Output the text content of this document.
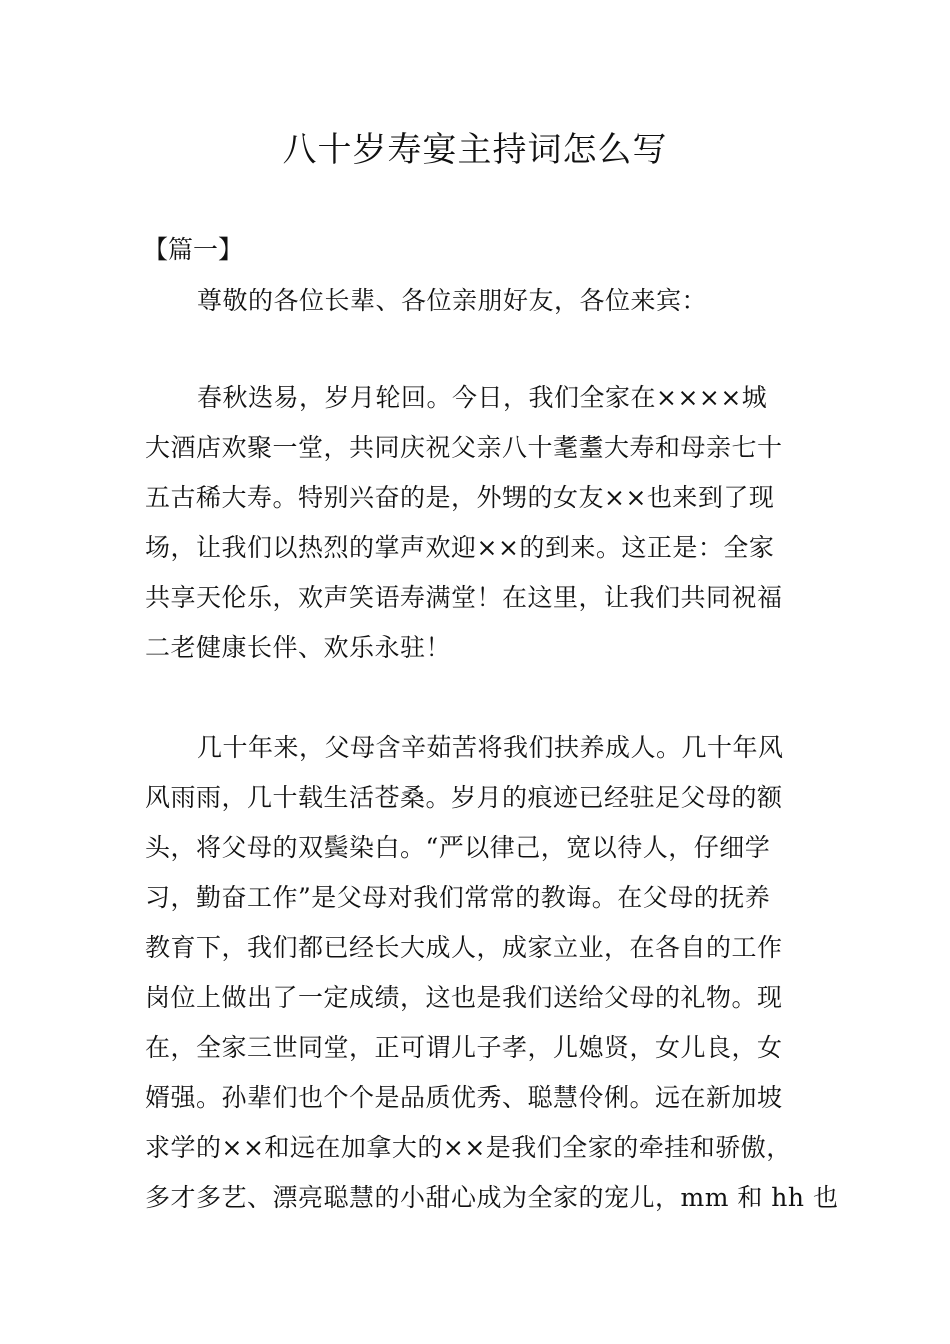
八十岁寿宴主持词怎么写

【篇一】

尊敬的各位长辈、各位亲朋好友，各位来宾：

春秋迭易，岁月轮回。今日，我们全家在××××城
大酒店欢聚一堂，共同庆祝父亲八十耄耋大寿和母亲七十
五古稀大寿。特别兴奋的是，外甥的女友××也来到了现
场，让我们以热烈的掌声欢迎××的到来。这正是：全家
共享天伦乐，欢声笑语寿满堂！在这里，让我们共同祝福
二老健康长伴、欢乐永驻！

几十年来，父母含辛茹苦将我们扶养成人。几十年风
风雨雨，几十载生活苍桑。岁月的痕迹已经驻足父母的额
头，将父母的双鬓染白。“严以律己，宽以待人，仔细学
习，勤奋工作”是父母对我们常常的教诲。在父母的抚养
教育下，我们都已经长大成人，成家立业，在各自的工作
岗位上做出了一定成绩，这也是我们送给父母的礼物。现
在，全家三世同堂，正可谓儿子孝，儿媳贤，女儿良，女
婿强。孙辈们也个个是品质优秀、聪慧伶俐。远在新加坡
求学的××和远在加拿大的××是我们全家的牵挂和骄傲，
多才多艺、漂亮聪慧的小甜心成为全家的宠儿，mm 和 hh 也
